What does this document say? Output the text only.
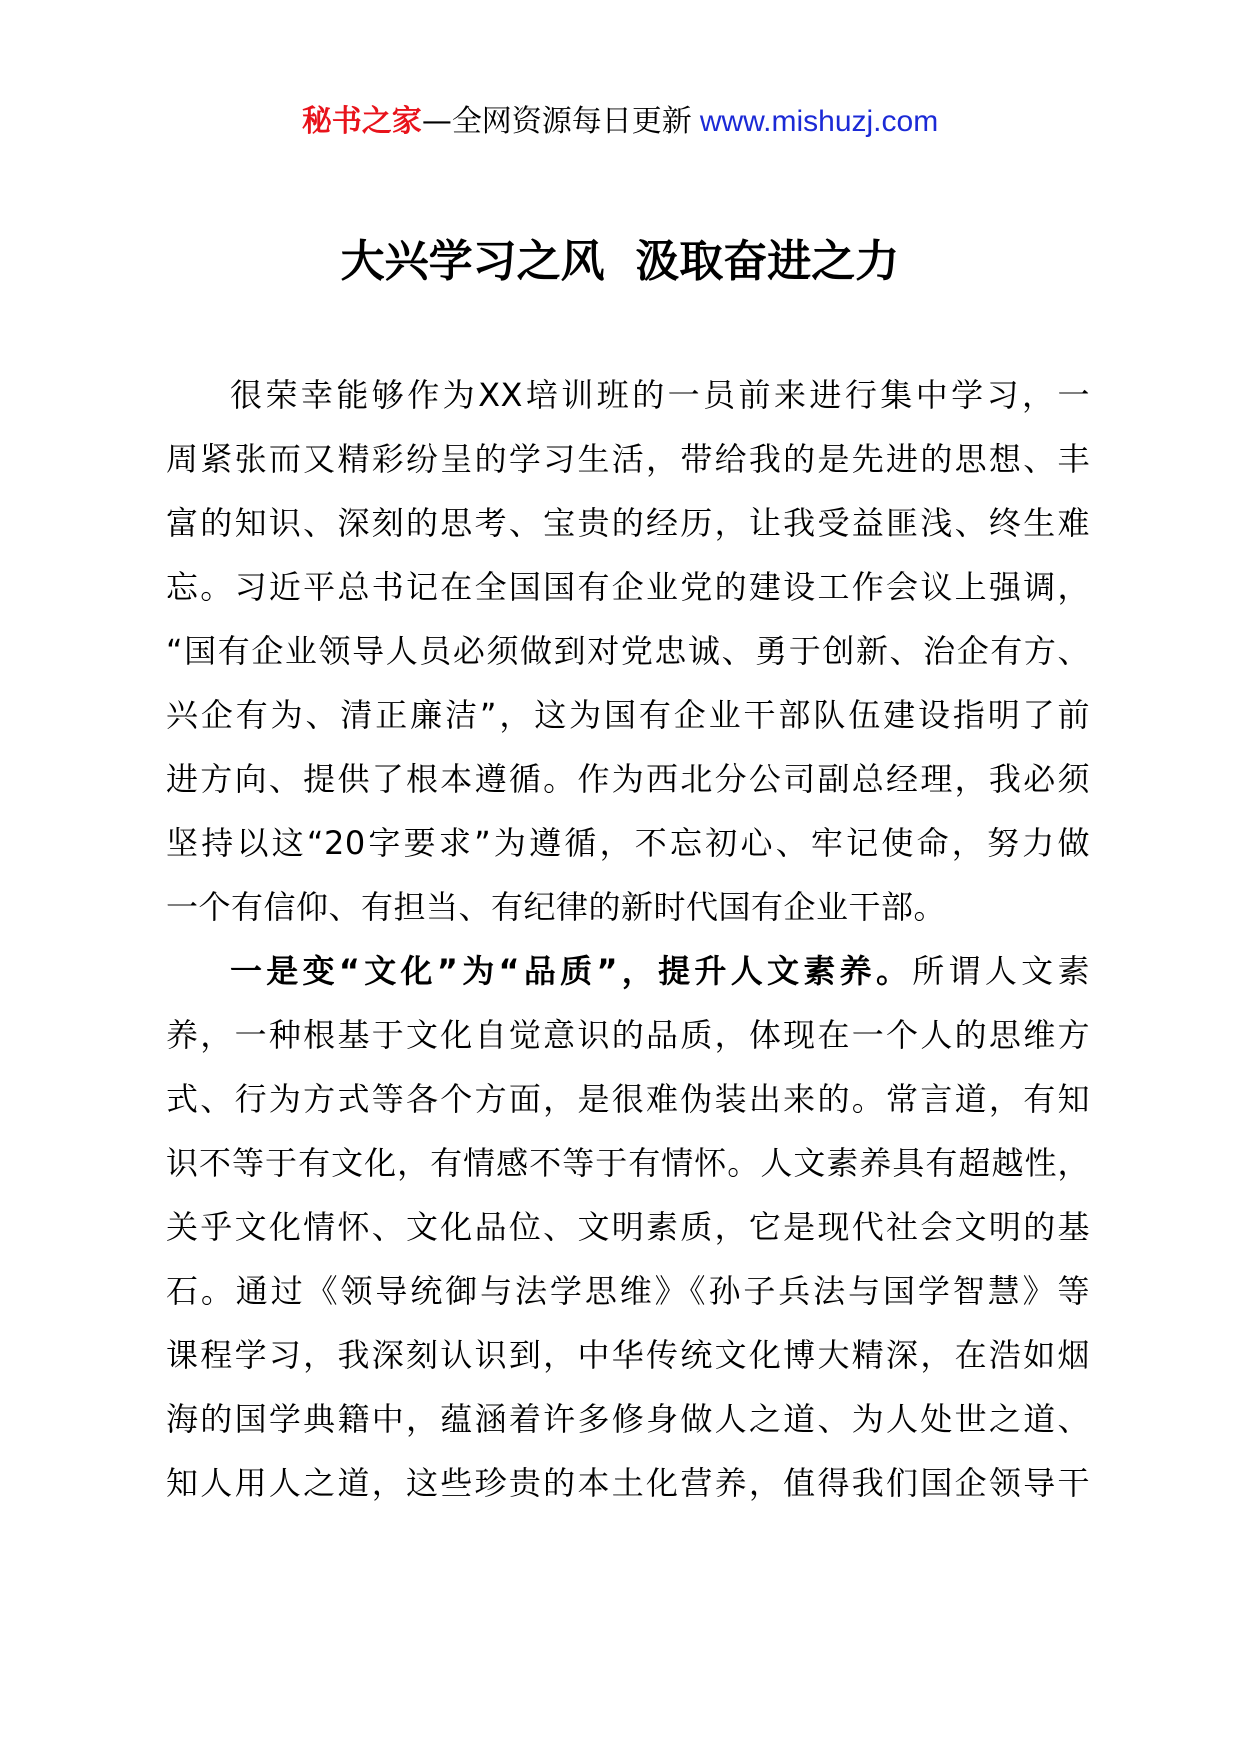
秘书之家—全网资源每日更新 www.mishuzj.com
大兴学习之风  汲取奋进之力
很荣幸能够作为XX培训班的一员前来进行集中学习，一
周紧张而又精彩纷呈的学习生活，带给我的是先进的思想、丰
富的知识、深刻的思考、宝贵的经历，让我受益匪浅、终生难
忘。习近平总书记在全国国有企业党的建设工作会议上强调，
“国有企业领导人员必须做到对党忠诚、勇于创新、治企有方、
兴企有为、清正廉洁”，这为国有企业干部队伍建设指明了前
进方向、提供了根本遵循。作为西北分公司副总经理，我必须
坚持以这“20字要求”为遵循，不忘初心、牢记使命，努力做
一个有信仰、有担当、有纪律的新时代国有企业干部。
一是变“文化”为“品质”，提升人文素养。所谓人文素
养，一种根基于文化自觉意识的品质，体现在一个人的思维方
式、行为方式等各个方面，是很难伪装出来的。常言道，有知
识不等于有文化，有情感不等于有情怀。人文素养具有超越性，
关乎文化情怀、文化品位、文明素质，它是现代社会文明的基
石。通过《领导统御与法学思维》《孙子兵法与国学智慧》等
课程学习，我深刻认识到，中华传统文化博大精深，在浩如烟
海的国学典籍中，蕴涵着许多修身做人之道、为人处世之道、
知人用人之道，这些珍贵的本土化营养，值得我们国企领导干
